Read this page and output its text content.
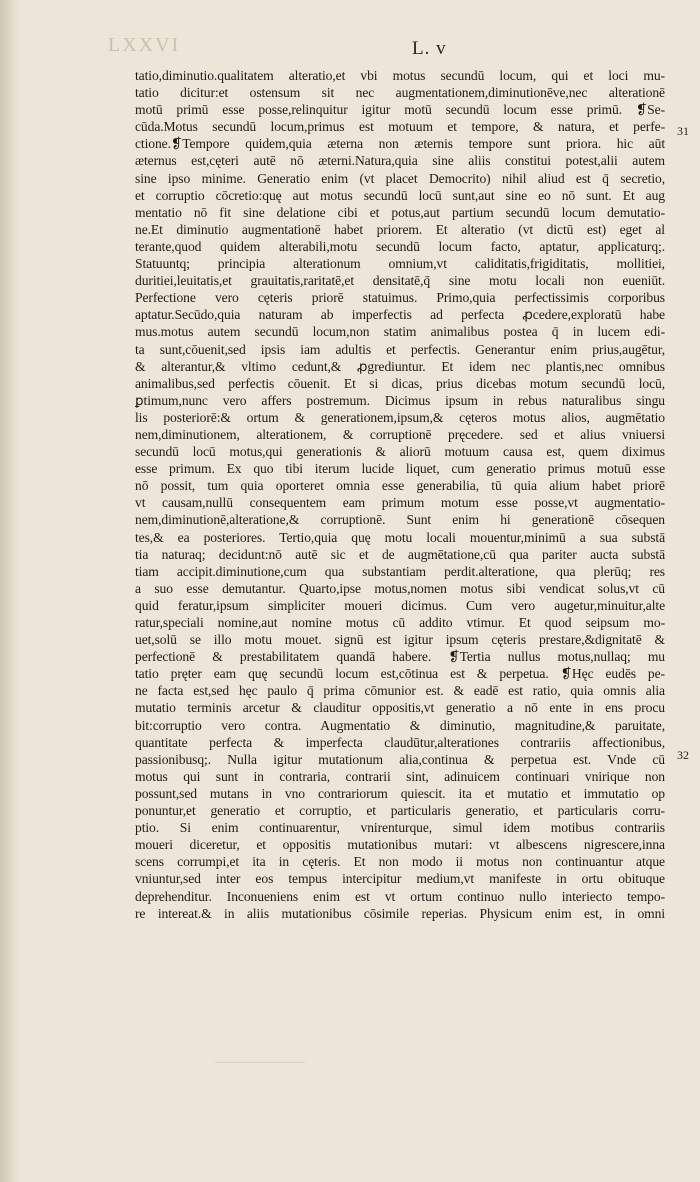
LXXVI	L. v
31
32
tatio,diminutio.qualitatem alteratio,et vbi motus secundū locum, qui et loci mu-
tatio dicitur:et ostensum sit nec augmentationem,diminutionēve,nec alterationē
motū primū esse posse,relinquitur igitur motū secundū locum esse primū. ❡Se-
cūda.Motus secundū locum,primus est motuum et tempore, & natura, et perfe-
ctione.❡Tempore quidem,quia æterna non æternis tempore sunt priora. hic aūt
æternus est,cęteri autē nō æterni.Natura,quia sine aliis constitui potest,alii autem
sine ipso minime. Generatio enim (vt placet Democrito) nihil aliud est q̄ secretio,
et corruptio cōcretio:quę aut motus secundū locū sunt,aut sine eo nō sunt. Et aug
mentatio nō fit sine delatione cibi et potus,aut partium secundū locum demutatio-
ne.Et diminutio augmentationē habet priorem. Et alteratio (vt dictū est) eget al
terante,quod quidem alterabili,motu secundū locum facto, aptatur, applicaturq;.
Statuuntq; principia alterationum omnium,vt caliditatis,frigiditatis, mollitiei,
duritiei,leuitatis,et grauitatis,raritatē,et densitatē,q̄ sine motu locali non eueniūt.
Perfectione vero cęteris priorē statuimus. Primo,quia perfectissimis corporibus
aptatur.Secūdo,quia naturam ab imperfectis ad perfecta ꝓcedere,exploratū habe
mus.motus autem secundū locum,non statim animalibus postea q̄ in lucem edi-
ta sunt,cōuenit,sed ipsis iam adultis et perfectis. Generantur enim prius,augētur,
& alterantur,& vltimo cedunt,& ꝓgrediuntur. Et idem nec plantis,nec omnibus
animalibus,sed perfectis cōuenit. Et si dicas, prius dicebas motum secundū locū,
ꝑtimum,nunc vero affers postremum. Dicimus ipsum in rebus naturalibus singu
lis posteriorē:& ortum & generationem,ipsum,& cęteros motus alios, augmētatio
nem,diminutionem, alterationem, & corruptionē pręcedere. sed et alius vniuersi
secundū locū motus,qui generationis & aliorū motuum causa est, quem diximus
esse primum. Ex quo tibi iterum lucide liquet, cum generatio primus motuū esse
nō possit, tum quia oporteret omnia esse generabilia, tū quia alium habet priorē
vt causam,nullū consequentem eam primum motum esse posse,vt augmentatio-
nem,diminutionē,alteratione,& corruptionē. Sunt enim hi generationē cōsequen
tes,& ea posteriores. Tertio,quia quę motu locali mouentur,minimū a sua substā
tia naturaq; decidunt:nō autē sic et de augmētatione,cū qua pariter aucta substā
tiam accipit.diminutione,cum qua substantiam perdit.alteratione, qua plerūq; res
a suo esse demutantur. Quarto,ipse motus,nomen motus sibi vendicat solus,vt cū
quid feratur,ipsum simpliciter moueri dicimus. Cum vero augetur,minuitur,alte
ratur,speciali nomine,aut nomine motus cū addito vtimur. Et quod seipsum mo-
uet,solū se illo motu mouet. signū est igitur ipsum cęteris prestare,&dignitatē &
perfectionē & prestabilitatem quandā habere. ❡Tertia nullus motus,nullaq; mu
tatio pręter eam quę secundū locum est,cōtinua est & perpetua. ❡Hęc eudēs pe-
ne facta est,sed hęc paulo q̄ prima cōmunior est. & eadē est ratio, quia omnis alia
mutatio terminis arcetur & clauditur oppositis,vt generatio a nō ente in ens procu
bit:corruptio vero contra. Augmentatio & diminutio, magnitudine,& paruitate,
quantitate perfecta & imperfecta claudūtur,alterationes contrariis affectionibus,
passionibusq;. Nulla igitur mutationum alia,continua & perpetua est. Vnde cū
motus qui sunt in contraria, contrarii sint, adinuicem continuari vnirique non
possunt,sed mutans in vno contrariorum quiescit. ita et mutatio et immutatio op
ponuntur,et generatio et corruptio, et particularis generatio, et particularis corru-
ptio. Si enim continuarentur, vnirenturque, simul idem motibus contrariis
moueri diceretur, et oppositis mutationibus mutari: vt albescens nigrescere,inna
scens corrumpi,et ita in cęteris. Et non modo ii motus non continuantur atque
vniuntur,sed inter eos tempus intercipitur medium,vt manifeste in ortu obituque
deprehenditur. Inconueniens enim est vt ortum continuo nullo interiecto tempo-
re intereat.& in aliis mutationibus cōsimile reperias. Physicum enim est, in omni
